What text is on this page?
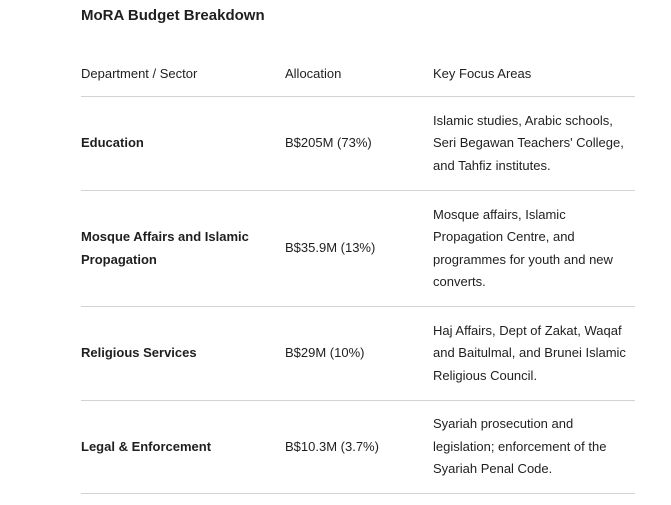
MoRA Budget Breakdown
Department / Sector	Allocation	Key Focus Areas
Education	B$205M (73%)	Islamic studies, Arabic schools, Seri Begawan Teachers' College, and Tahfiz institutes.
Mosque Affairs and Islamic Propagation	B$35.9M (13%)	Mosque affairs, Islamic Propagation Centre, and programmes for youth and new converts.
Religious Services	B$29M (10%)	Haj Affairs, Dept of Zakat, Waqaf and Baitulmal, and Brunei Islamic Religious Council.
Legal & Enforcement	B$10.3M (3.7%)	Syariah prosecution and legislation; enforcement of the Syariah Penal Code.
